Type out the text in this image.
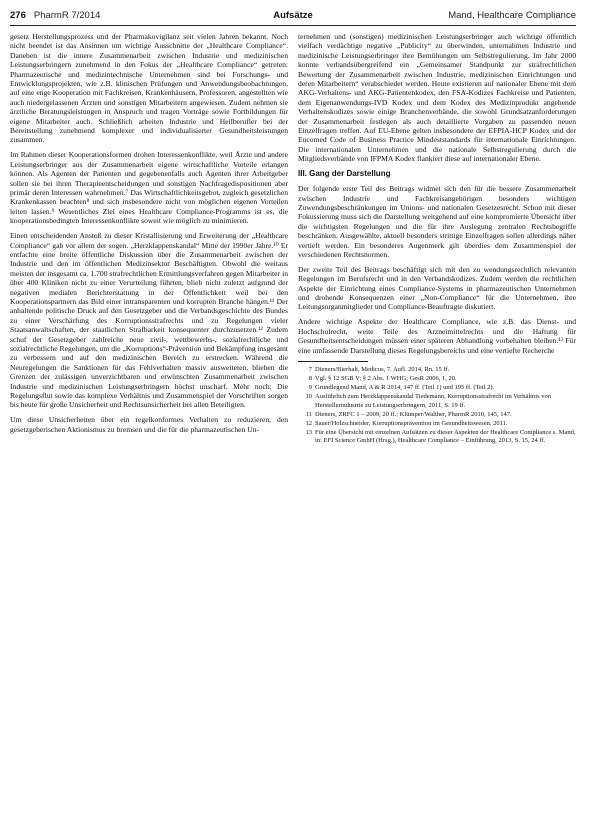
276 PharmR 7/2014	Aufsätze	Mand, Healthcare Compliance

gesetz Herstellungsprozess und der Pharmakovigilanz seit vielen Jahren bekannt. Noch nicht beendet ist das Ansinnen um wichtige Ausschnitte der „Healthcare Compliance“. Daneben ist die innere Zusammenarbeit zwischen Industrie und medizinischen Leistungserbringern zunehmend in den Fokus der „Healthcare Compliance“ getreten: Pharmazeutische und medizintechnische Unternehmen sind bei Forschungs- und Entwicklungsprojekten, wie z.B. klinischen Prüfungen und Anwendungsbeobachtungen, auf eine enge Kooperation mit Fachkreisen, Krankenhäusern, Professoren, angestellten wie auch niedergelassenen Ärzten und sonstigen Mitarbeitern angewiesen. Zudem nehmen sie ärztliche Beratungsleistungen in Anspruch und tragen Vorträge sowie Fortbildungen für eigene Mitarbeiter auch. Schließlich arbeiten Industrie und Heilberufler bei der Bereitstellung zunehmend komplexer und individualisierter Gesundheitsleistungen zusammen.

Im Rahmen dieser Kooperationsformen drohen Interessenkonflikte, weil Ärzte und andere Leistungserbringer aus der Zusammenarbeit eigene wirtschaftliche Vorteile erlangen können. Als Agenten der Patienten und gegebenenfalls auch Agenten ihrer Arbeitgeber sollen sie bei ihren Therapieentscheidungen und sonstigen Nachfragedispositionen aber primär deren Interessen wahrnehmen.⁷ Das Wirtschaftlichkeitsgebot, zugleich gesetzlichen Krankenkassen beachten⁸ und sich insbesondere nicht von möglichen eigenen Vorteilen leiten lassen.⁹ Wesentliches Ziel eines Healthcare Compliance-Programms ist es, die kooperationsbedingten Interessenkonflikte soweit wie möglich zu minimieren.

Einen entscheidenden Anstoß zu dieser Kristallisierung und Erweiterung der „Healthcare Compliance“ gab vor allem der sogen. „Herzklappenskandal“ Mitte der 1990er Jahre.¹⁰ Er entfachte eine breite öffentliche Diskussion über die Zusammenarbeit zwischen der Industrie und den im öffentlichen Medizinsektor Beschäftigten. Obwohl die weitaus meisten der insgesamt ca. 1.700 strafrechtlichen Ermittlungsverfahren gegen Mitarbeiter in über 400 Kliniken nicht zu einer Verurteilung führten, blieb nicht zuletzt aufgrund der negativen medialen Berichterstattung in der Öffentlichkeit weil bei den Kooperationspartnern das Bild einer intransparenten und korrupten Branche hängen.¹¹ Der anhaltende politische Druck auf den Gesetzgeber und die Verbandsgeschichte des Bundes zu einer Verschärfung des Korruptionsstrafrechts und zu Regelungen vieler Staatsanwaltschaften, der staatlichen Strafbarkeit konsequenter durchzusetzen.¹² Zudem schuf der Gesetzgeber zahlreiche neue zivil-, wettbewerbs-, sozialrechtliche und sozialrechtliche Regelungen, um die „Korruptions“-Prävention und Bekämpfung insgesamt zu verbessern und auf den medizinischen Bereich zu erstrecken. Während die Neuregelungen die Sanktionen für das Fehlverhalten massiv ausweiteten, blieben die Grenzen der zulässigen unverzichtbaren und erwünschten Zusammenarbeit zwischen Industrie und medizinischen Leistungserbringern höchst unscharf. Mehr noch: Die Regelungsflut sowie das komplexe Verhältnis und Zusammenspiel der Vorschriften sorgen bis heute für große Unsicherheit und Rechtsunsicherheit bei allen Beteiligten.

Um diese Unsicherheiten über ein regelkonformes Verhalten zu reduzieren, den gesetzgeberischen Aktionismus zu bremsen und die für die pharmazeutischen Un-

ternehmen und (sonstigen) medizinischen Leistungserbringer auch wichtige öffentlich vielfach verdächtige negative „Publicity“ zu überwinden, unternahmen Industrie und medizinische Leistungserbringer ihre Bemühungen um Selbstregulierung. Im Jahr 2000 konnte verbandsübergreifend ein „Gemeinsamer Standpunkt zur strafrechtlichen Bewertung der Zusammenarbeit zwischen Industrie, medizinischen Einrichtungen und deren Mitarbeitern“ verabschiedet werden. Heute existieren auf nationaler Ebene mit dem AKG-Verhaltens- und AKG-Patientenkodex, den FSA-Kodizes Fachkreise und Patienten, dem Eigenanwendungs-IVD Kodex und dem Kodex des Medizinprodukt angehende Verhaltenskodizes sowie einige Branchenverbände, die sowohl Grundsatzanforderungen der Zusammenarbeit festlegen als auch detaillierte Vorgaben zu passenden neuen Einzelfragen treffen. Auf EU-Ebene gelten insbesondere der EFPIA-HCP Kodex und der Eucomed Code of Business Practice Mindeststandards für internationale Einrichtungen. Die internationalen Unternehmen und die nationale Selbstregulierung durch die Mitgliedsverbände von IFPMA Kodex flankiert diese auf internationaler Ebene.

III. Gang der Darstellung

Der folgende erste Teil des Beitrags widmet sich den für die bessere Zusammenarbeit zwischen Industrie und Fachkreisangehörigen besonders wichtigen Zuwendungsbeschränkungen im Unions- und nationalen Gesetzesrecht. Schon mit dieser Fokussierung muss sich die Darstellung weitgehend auf eine kompromierte Übersicht über die wichtigsten Regelungen und die für ihre Auslegung zentralen Rechtsbegriffe beschränken. Ausgewählte, aktuell besonders strittige Einzelfragen sollen allerdings näher vertieft werden. Ein besonderes Augenmerk gilt überdies dem Zusammenspiel der verschiedenen Rechtsnormen.

Der zweite Teil des Beitrags beschäftigt sich mit den zu wendungsrechtlich relevanten Regelungen im Berufsrecht und in den Verbandskodizes. Zudem werden die rechtlichen Aspekte der Einrichtung eines Compliance-Systems in pharmazeutischen Unternehmen und drohende Konsequenzen einer „Non-Compliance“ für die Unternehmen, ihre Leitungsorganmitglieder und Compliance-Beauftragte diskutiert.

Andere wichtige Aspekte der Healthcare Compliance, wie z.B. das Dienst- und Hochschulrecht, weite Teile des Arzneimittelrechts und die Haftung für Gesundheitsentscheidungen müssen einer späteren Abhandlung vorbehalten bleiben.¹³ Für eine umfassende Darstellung dieses Regelungsbereichs und eine vertiefte Recherche

7 Dieners/Bierhalt, Medicus, 7. Aufl. 2014, Rn. 15 ff.
8 Vgl. § 12 SGB V; § 2 Abs. 1 WHG; GesR 2006, 1, 20.
9 Grundlegend Mand, A & R 2014, 147 ff. (Teil 1) und 195 ff. (Teil 2).
10 Ausführlich zum Herzklappenskandal Tiedemann, Korruptionsstrafrecht im Verhältnis von Herstellerindustrie zu Leistungserbringern, 2011, S. 19 ff.
11 Dieners, ZRFC 1 – 2009, 20 ff.; Klümper/Walther, PharmR 2010, 145, 147.
12 Sauer/Holzschneider, Korruptionsprävention im Gesundheitswesen, 2011.
13 Für eine Übersicht mit einzelnen Aufsätzen zu dieser Aspekten der Healthcare Compliance s. Mand, in: EFI Science GmbH (Hrsg.), Healthcare Compliance – Einführung, 2013, S. 15, 24 ff.
